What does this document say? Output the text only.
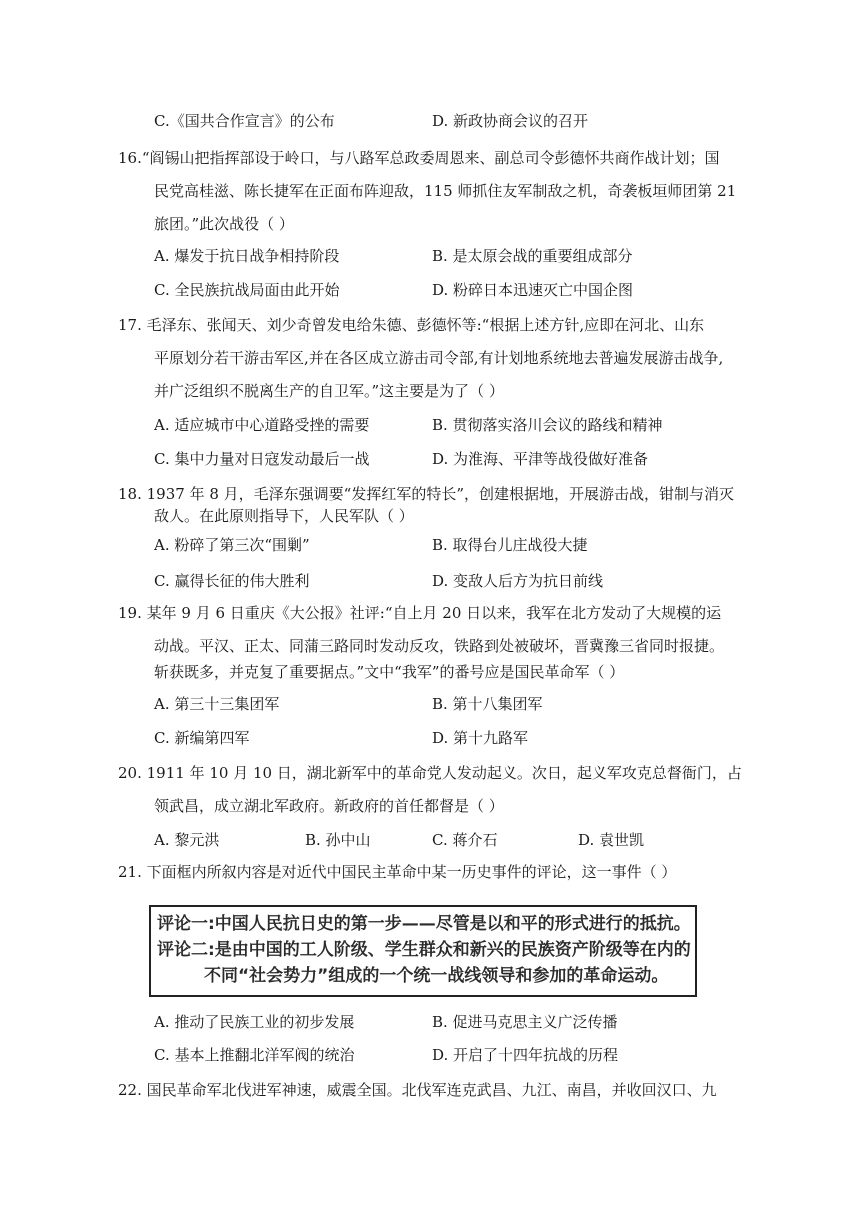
C.《国共合作宣言》的公布	D. 新政协商会议的召开
16.“阎锡山把指挥部设于岭口，与八路军总政委周恩来、副总司令彭德怀共商作战计划；国
民党高桂滋、陈长捷军在正面布阵迎敌，115 师抓住友军制敌之机，奇袭板垣师团第 21
旅团。”此次战役（ ）
A. 爆发于抗日战争相持阶段	B. 是太原会战的重要组成部分
C. 全民族抗战局面由此开始	D. 粉碎日本迅速灭亡中国企图
17. 毛泽东、张闻天、刘少奇曾发电给朱德、彭德怀等:“根据上述方针,应即在河北、山东
平原划分若干游击军区,并在各区成立游击司令部,有计划地系统地去普遍发展游击战争,
并广泛组织不脱离生产的自卫军。”这主要是为了（ ）
A. 适应城市中心道路受挫的需要	B. 贯彻落实洛川会议的路线和精神
C. 集中力量对日寇发动最后一战	D. 为淮海、平津等战役做好准备
18. 1937 年 8 月，毛泽东强调要“发挥红军的特长”，创建根据地，开展游击战，钳制与消灭
敌人。在此原则指导下，人民军队（ ）
A. 粉碎了第三次“围剿”	B. 取得台儿庄战役大捷
C. 赢得长征的伟大胜利	D. 变敌人后方为抗日前线
19. 某年 9 月 6 日重庆《大公报》社评:“自上月 20 日以来，我军在北方发动了大规模的运
动战。平汉、正太、同蒲三路同时发动反攻，铁路到处被破坏，晋冀豫三省同时报捷。
斩获既多，并克复了重要据点。”文中“我军”的番号应是国民革命军（ ）
A. 第三十三集团军	B. 第十八集团军
C. 新编第四军	D. 第十九路军
20. 1911 年 10 月 10 日，湖北新军中的革命党人发动起义。次日，起义军攻克总督衙门，占
领武昌，成立湖北军政府。新政府的首任都督是（ ）
A. 黎元洪	B. 孙中山	C. 蒋介石	D. 袁世凯
21. 下面框内所叙内容是对近代中国民主革命中某一历史事件的评论，这一事件（ ）
评论一:中国人民抗日史的第一步——尽管是以和平的形式进行的抵抗。
评论二:是由中国的工人阶级、学生群众和新兴的民族资产阶级等在内的
不同“社会势力”组成的一个统一战线领导和参加的革命运动。
A. 推动了民族工业的初步发展	B. 促进马克思主义广泛传播
C. 基本上推翻北洋军阀的统治	D. 开启了十四年抗战的历程
22. 国民革命军北伐进军神速，威震全国。北伐军连克武昌、九江、南昌，并收回汉口、九
